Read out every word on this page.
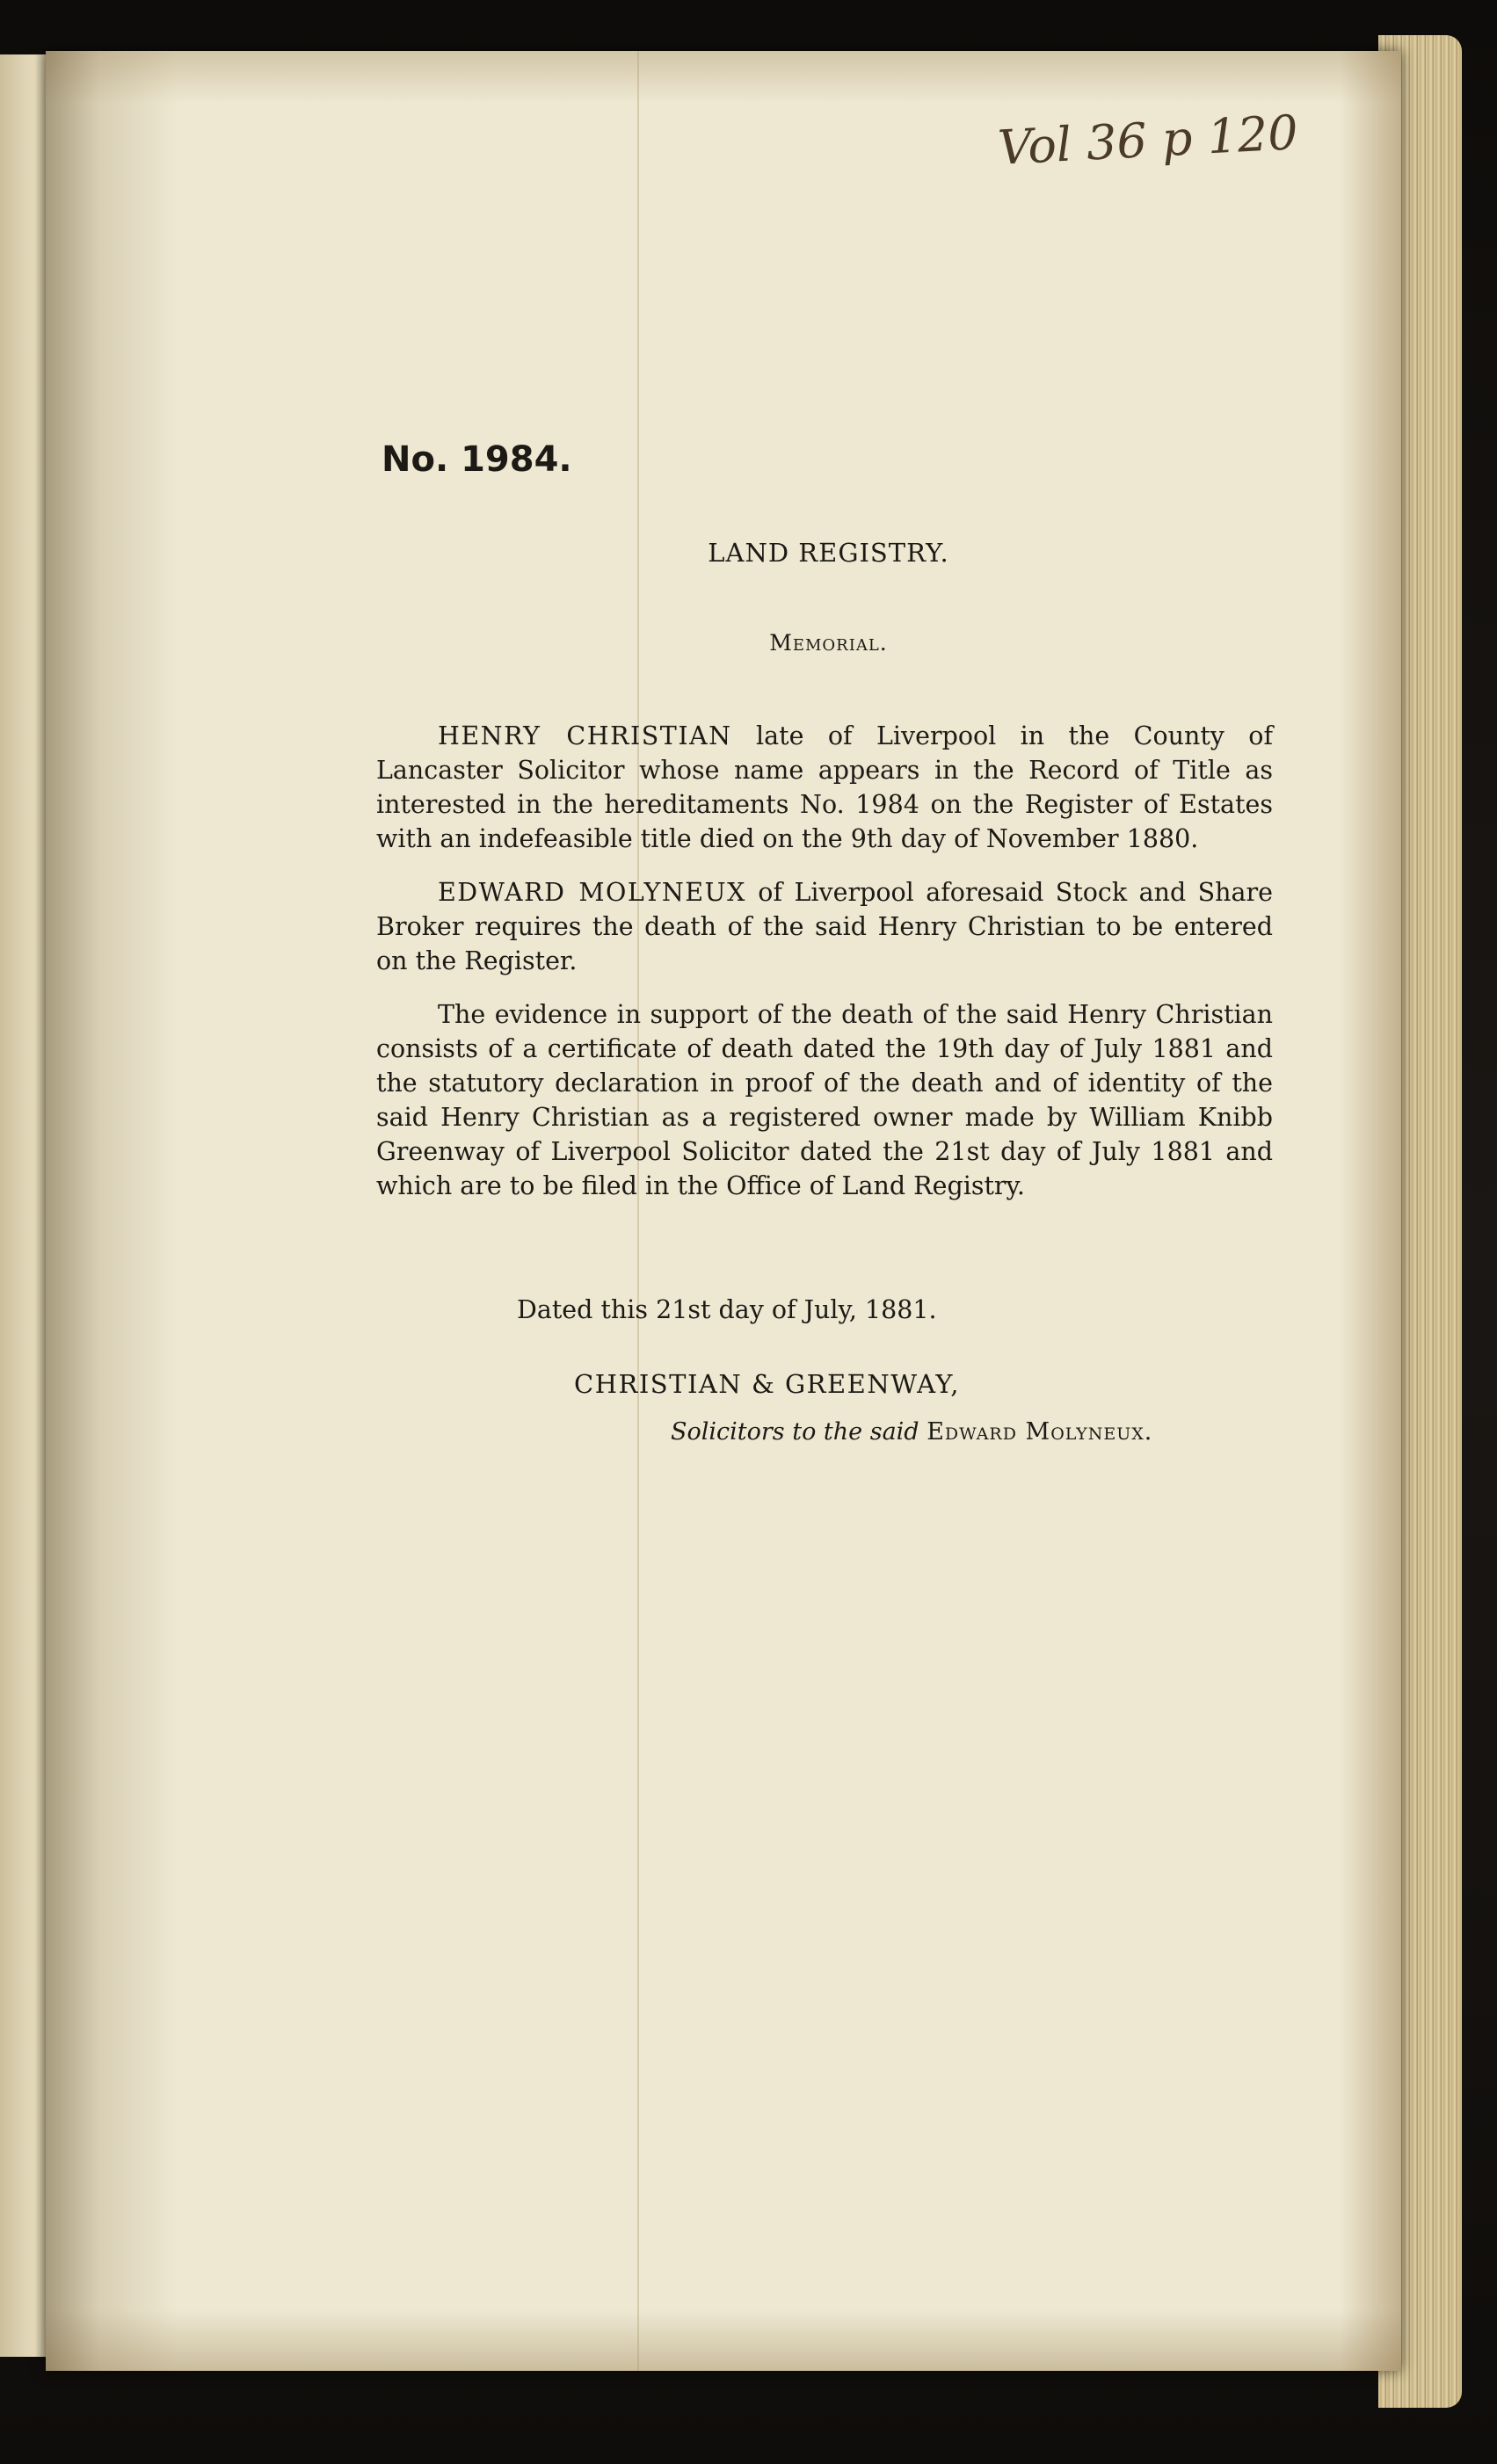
Vol 36 p 120
No. 1984.
LAND REGISTRY.
Memorial.

HENRY CHRISTIAN late of Liverpool in the County of Lancaster Solicitor whose name appears in the Record of Title as interested in the hereditaments No. 1984 on the Register of Estates with an indefeasible title died on the 9th day of November 1880.

EDWARD MOLYNEUX of Liverpool aforesaid Stock and Share Broker requires the death of the said Henry Christian to be entered on the Register.

The evidence in support of the death of the said Henry Christian consists of a certificate of death dated the 19th day of July 1881 and the statutory declaration in proof of the death and of identity of the said Henry Christian as a registered owner made by William Knibb Greenway of Liverpool Solicitor dated the 21st day of July 1881 and which are to be filed in the Office of Land Registry.

Dated this 21st day of July, 1881.
CHRISTIAN & GREENWAY,
Solicitors to the said Edward Molyneux.
